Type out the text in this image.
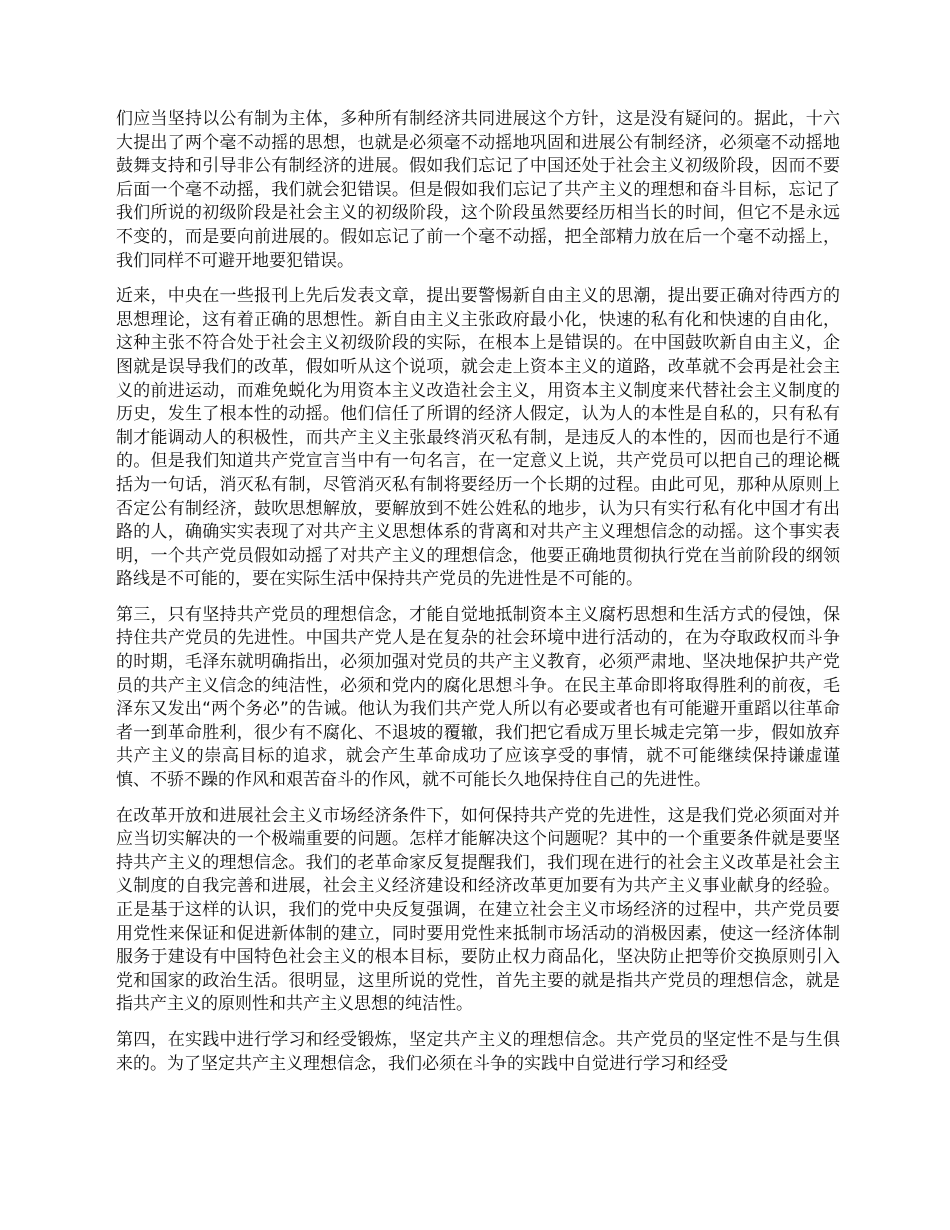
们应当坚持以公有制为主体，多种所有制经济共同进展这个方针，这是没有疑问的。据此，十六大提出了两个毫不动摇的思想，也就是必须毫不动摇地巩固和进展公有制经济，必须毫不动摇地鼓舞支持和引导非公有制经济的进展。假如我们忘记了中国还处于社会主义初级阶段，因而不要后面一个毫不动摇，我们就会犯错误。但是假如我们忘记了共产主义的理想和奋斗目标，忘记了我们所说的初级阶段是社会主义的初级阶段，这个阶段虽然要经历相当长的时间，但它不是永远不变的，而是要向前进展的。假如忘记了前一个毫不动摇，把全部精力放在后一个毫不动摇上，我们同样不可避开地要犯错误。

近来，中央在一些报刊上先后发表文章，提出要警惕新自由主义的思潮，提出要正确对待西方的思想理论，这有着正确的思想性。新自由主义主张政府最小化，快速的私有化和快速的自由化，这种主张不符合处于社会主义初级阶段的实际，在根本上是错误的。在中国鼓吹新自由主义，企图就是误导我们的改革，假如听从这个说项，就会走上资本主义的道路，改革就不会再是社会主义的前进运动，而难免蜕化为用资本主义改造社会主义，用资本主义制度来代替社会主义制度的历史，发生了根本性的动摇。他们信任了所谓的经济人假定，认为人的本性是自私的，只有私有制才能调动人的积极性，而共产主义主张最终消灭私有制，是违反人的本性的，因而也是行不通的。但是我们知道共产党宣言当中有一句名言，在一定意义上说，共产党员可以把自己的理论概括为一句话，消灭私有制，尽管消灭私有制将要经历一个长期的过程。由此可见，那种从原则上否定公有制经济，鼓吹思想解放，要解放到不姓公姓私的地步，认为只有实行私有化中国才有出路的人，确确实实表现了对共产主义思想体系的背离和对共产主义理想信念的动摇。这个事实表明，一个共产党员假如动摇了对共产主义的理想信念，他要正确地贯彻执行党在当前阶段的纲领路线是不可能的，要在实际生活中保持共产党员的先进性是不可能的。

第三，只有坚持共产党员的理想信念，才能自觉地抵制资本主义腐朽思想和生活方式的侵蚀，保持住共产党员的先进性。中国共产党人是在复杂的社会环境中进行活动的，在为夺取政权而斗争的时期，毛泽东就明确指出，必须加强对党员的共产主义教育，必须严肃地、坚决地保护共产党员的共产主义信念的纯洁性，必须和党内的腐化思想斗争。在民主革命即将取得胜利的前夜，毛泽东又发出“两个务必”的告诫。他认为我们共产党人所以有必要或者也有可能避开重蹈以往革命者一到革命胜利，很少有不腐化、不退坡的覆辙，我们把它看成万里长城走完第一步，假如放弃共产主义的崇高目标的追求，就会产生革命成功了应该享受的事情，就不可能继续保持谦虚谨慎、不骄不躁的作风和艰苦奋斗的作风，就不可能长久地保持住自己的先进性。

在改革开放和进展社会主义市场经济条件下，如何保持共产党的先进性，这是我们党必须面对并应当切实解决的一个极端重要的问题。怎样才能解决这个问题呢？其中的一个重要条件就是要坚持共产主义的理想信念。我们的老革命家反复提醒我们，我们现在进行的社会主义改革是社会主义制度的自我完善和进展，社会主义经济建设和经济改革更加要有为共产主义事业献身的经验。正是基于这样的认识，我们的党中央反复强调，在建立社会主义市场经济的过程中，共产党员要用党性来保证和促进新体制的建立，同时要用党性来抵制市场活动的消极因素，使这一经济体制服务于建设有中国特色社会主义的根本目标，要防止权力商品化，坚决防止把等价交换原则引入党和国家的政治生活。很明显，这里所说的党性，首先主要的就是指共产党员的理想信念，就是指共产主义的原则性和共产主义思想的纯洁性。

第四，在实践中进行学习和经受锻炼，坚定共产主义的理想信念。共产党员的坚定性不是与生俱来的。为了坚定共产主义理想信念，我们必须在斗争的实践中自觉进行学习和经受
